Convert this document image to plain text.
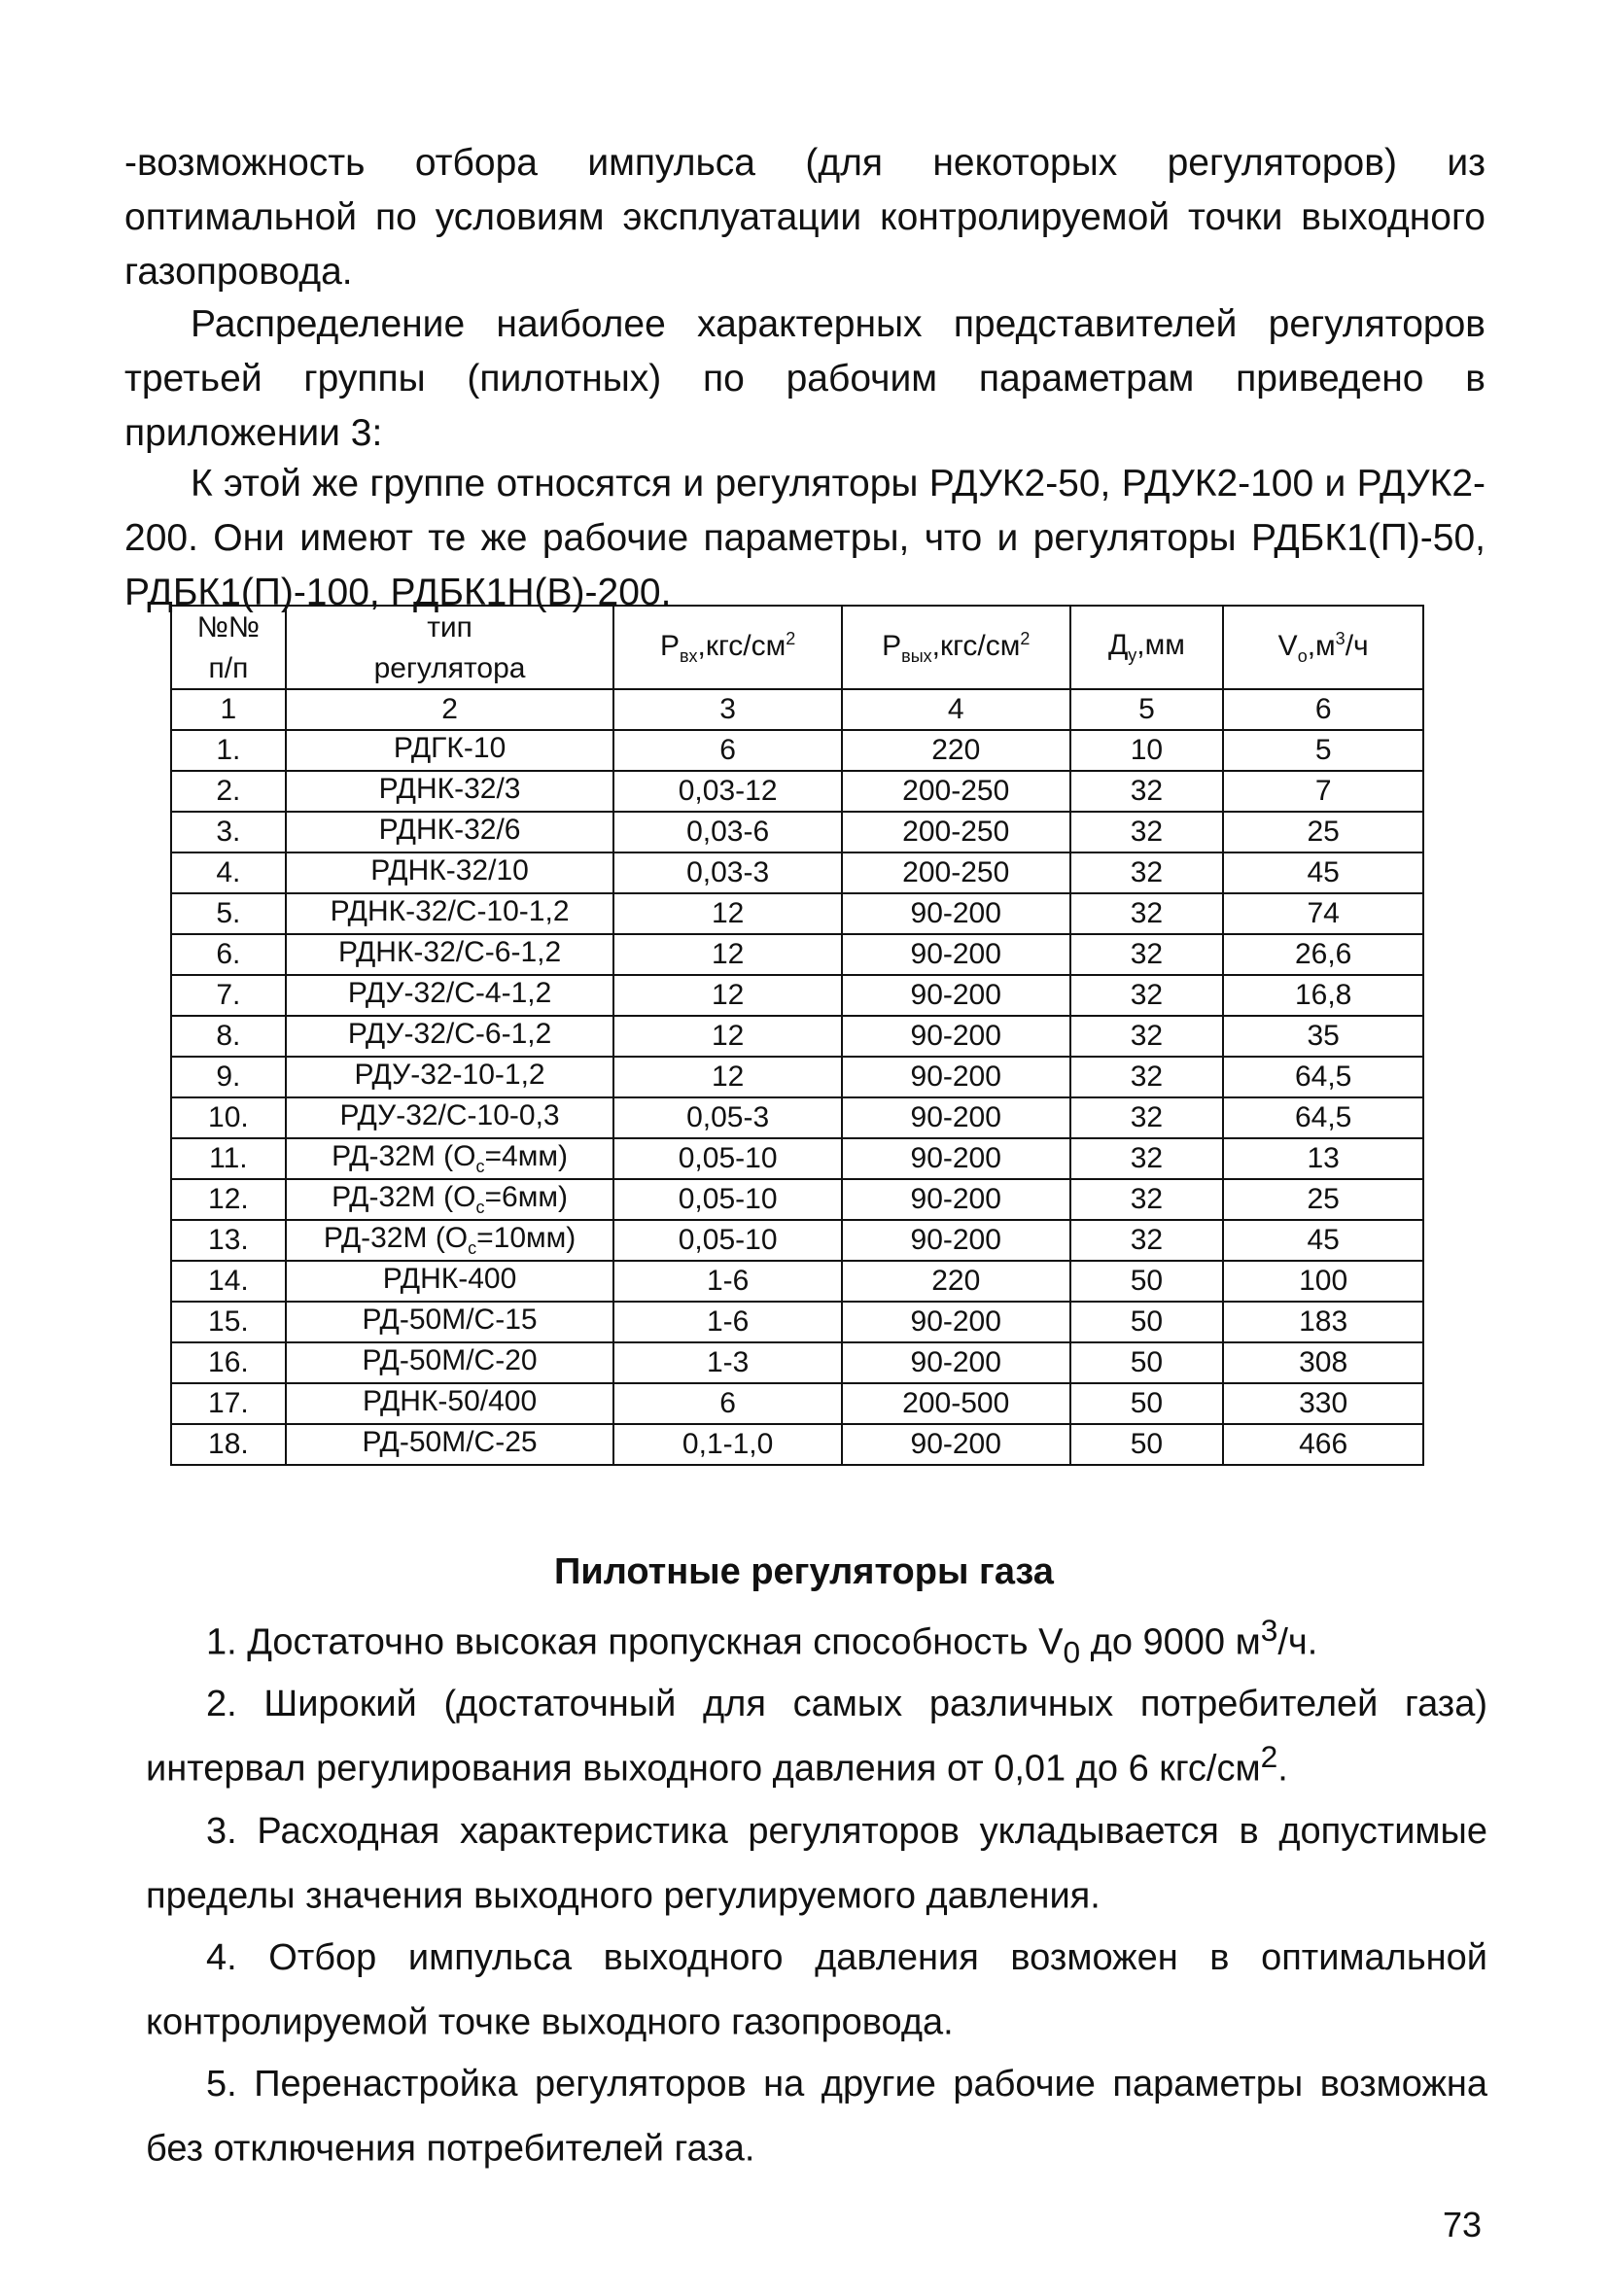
-возможность отбора импульса (для некоторых регуляторов) из оптимальной по условиям эксплуатации контролируемой точки выходного газопровода.

Распределение наиболее характерных представителей регуляторов третьей группы (пилотных) по рабочим параметрам приведено в приложении 3:

К этой же группе относятся и регуляторы РДУК2-50, РДУК2-100 и РДУК2-200. Они имеют те же рабочие параметры, что и регуляторы РДБК1(П)-50, РДБК1(П)-100, РДБК1Н(В)-200.

№№	тип	$Р_{вх},кгс/см^2$	$Р_{вых},кгс/см^2$	$Д_у,мм$	$V_о,м^3/ч$
п/п	регулятора				
1	2	3	4	5	6
1.	РДГК-10	6	220	10	5
2.	РДНК-32/3	0,03-12	200-250	32	7
3.	РДНК-32/6	0,03-6	200-250	32	25
4.	РДНК-32/10	0,03-3	200-250	32	45
5.	РДНК-32/С-10-1,2	12	90-200	32	74
6.	РДНК-32/С-6-1,2	12	90-200	32	26,6
7.	РДУ-32/С-4-1,2	12	90-200	32	16,8
8.	РДУ-32/С-6-1,2	12	90-200	32	35
9.	РДУ-32-10-1,2	12	90-200	32	64,5
10.	РДУ-32/С-10-0,3	0,05-3	90-200	32	64,5
11.	РД-32М $(О_с=4мм)$	0,05-10	90-200	32	13
12.	РД-32М $(О_с=6мм)$	0,05-10	90-200	32	25
13.	РД-32М $(О_с=10мм)$	0,05-10	90-200	32	45
14.	РДНК-400	1-6	220	50	100
15.	РД-50М/С-15	1-6	90-200	50	183
16.	РД-50М/С-20	1-3	90-200	50	308
17.	РДНК-50/400	6	200-500	50	330
18.	РД-50М/С-25	0,1-1,0	90-200	50	466
Пилотные регуляторы газа
1. Достаточно высокая пропускная способность $V_0$ до 9000 $м^3/ч$.
2. Широкий (достаточный для самых различных потребителей газа) интервал регулирования выходного давления от 0,01 до 6 кгс/$см^2$.
3. Расходная характеристика регуляторов укладывается в допустимые пределы значения выходного регулируемого давления.
4. Отбор импульса выходного давления возможен в оптимальной контролируемой точке выходного газопровода.
5. Перенастройка регуляторов на другие рабочие параметры возможна без отключения потребителей газа.
73
